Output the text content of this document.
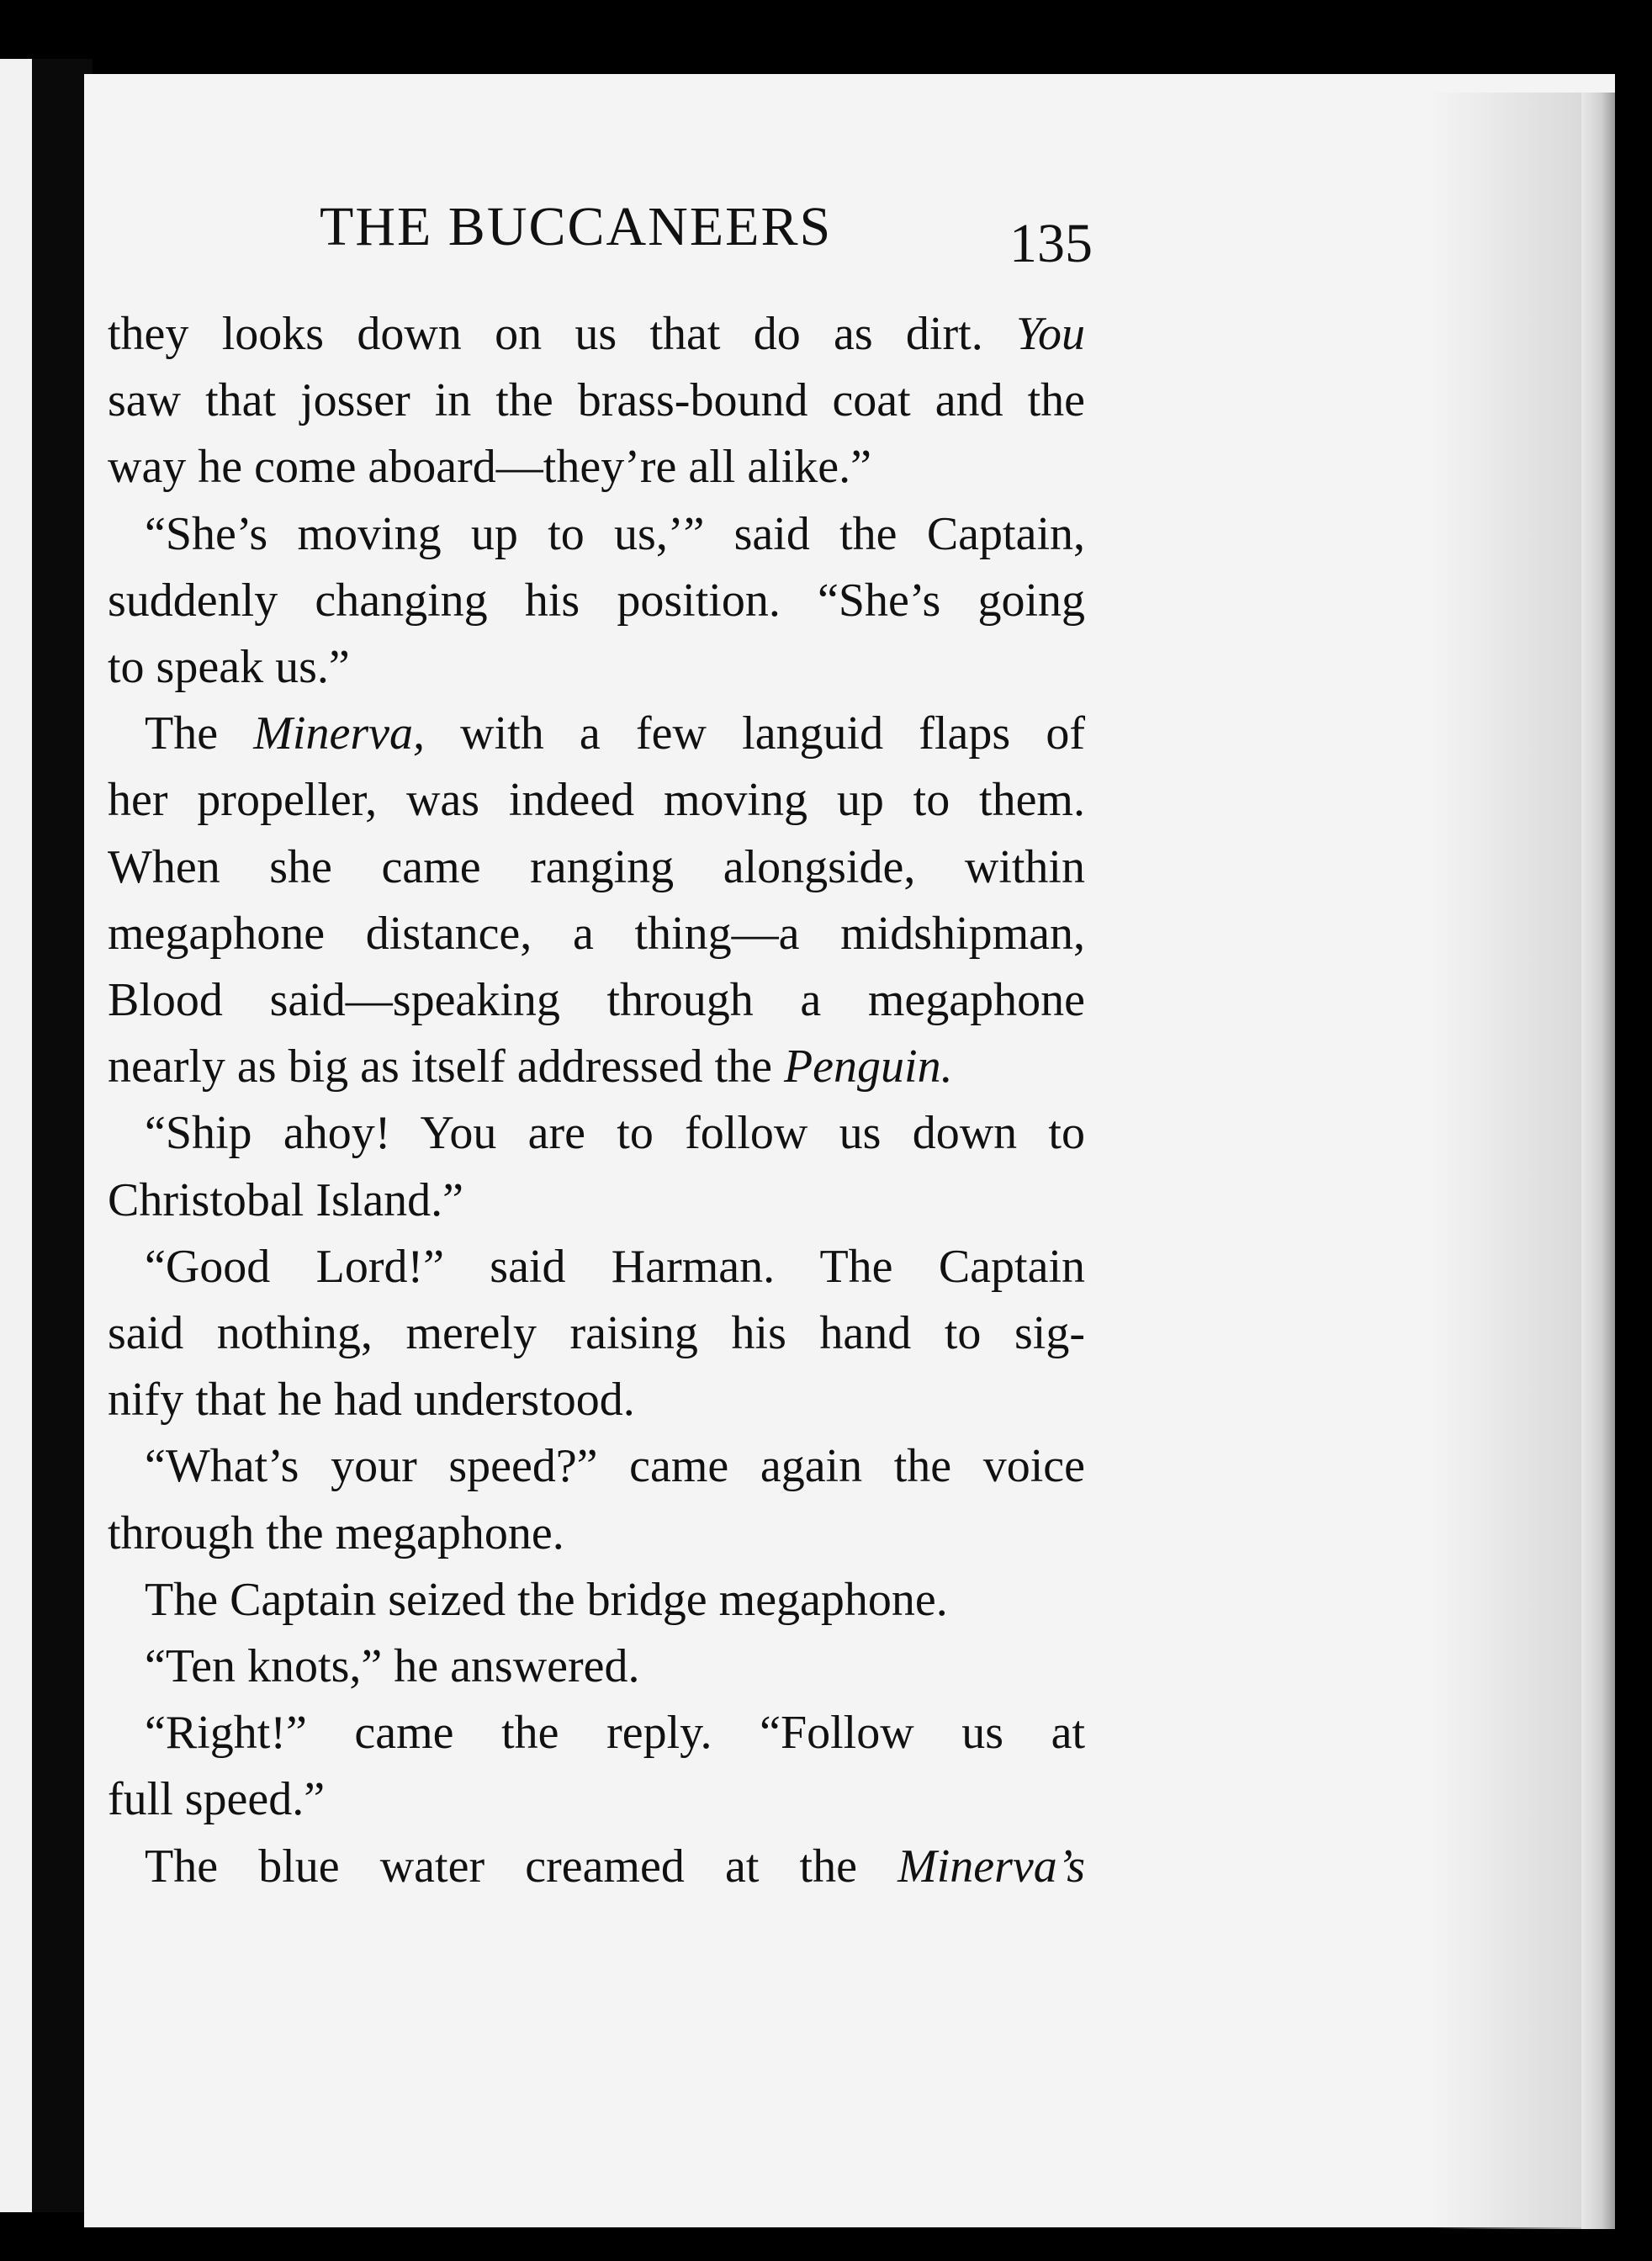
THE BUCCANEERS	135

they looks down on us that do as dirt. You

saw that josser in the brass-bound coat and the

way he come aboard—they’re all alike.”

“She’s moving up to us,’” said the Captain,

suddenly changing his position. “She’s going

to speak us.”

The Minerva, with a few languid flaps of

her propeller, was indeed moving up to them.

When she came ranging alongside, within

megaphone distance, a thing—a midshipman,

Blood said—speaking through a megaphone

nearly as big as itself addressed the Penguin.

“Ship ahoy! You are to follow us down to

Christobal Island.”

“Good Lord!” said Harman. The Captain

said nothing, merely raising his hand to sig-

nify that he had understood.

“What’s your speed?” came again the voice

through the megaphone.

The Captain seized the bridge megaphone.

“Ten knots,” he answered.

“Right!” came the reply. “Follow us at

full speed.”

The blue water creamed at the Minerva’s
